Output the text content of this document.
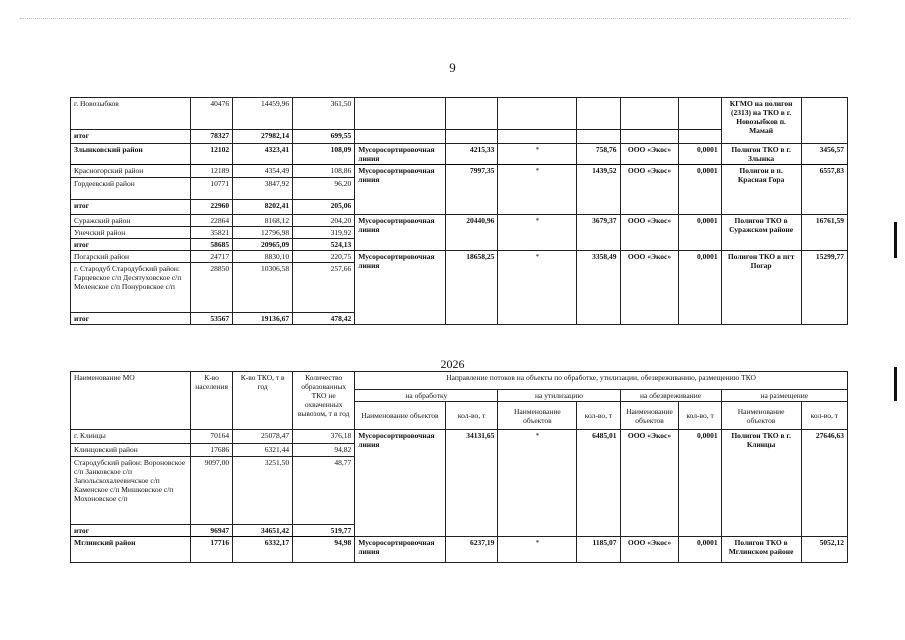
9
г. Новозыбков	40476	14459,96	361,50							КГМО на полигон (2313) на ТКО в г. Новозыбков п. Мамай	
итог	78327	27982,14	699,55								
Злынковский район	12102	4323,41	108,09	Мусоросортировочная линия	4215,33	*	758,76	ООО «Экос»	0,0001	Полигон ТКО в г. Злынка	3456,57
Красногорский район	12189	4354,49	108,86	Мусоросортировочная линия	7997,35	*	1439,52	ООО «Экос»	0,0001	Полигон в п. Красная Гора	6557,83
Гордеевский район	10771	3847,92	96,20								
итог	22960	8202,41	205,06								
Суражский район	22864	8168,12	204,20	Мусоросортировочная линия	20440,96	*	3679,37	ООО «Экос»	0,0001	Полигон ТКО в Суражском районе	16761,59
Унечский район	35821	12796,98	319,92								
итог	58685	20965,09	524,13								
Погарский район	24717	8830,10	220,75	Мусоросортировочная линия	18658,25	*	3358,49	ООО «Экос»	0,0001	Полигон ТКО в пгт Погар	15299,77
г. Стародуб Стародубский район: Гарцевское с/п Десятуховское с/п Меленское с/п Понуровское с/п	28850	10306,58	257,66								
итог	53567	19136,67	478,42								
2026
Наименование МО	К-во населения	К-во ТКО, т в год	Количество образованных ТКО не охваченных вывозом, т в год	Направление потоков на объекты по обработке, утилизации, обезвреживанию, размещению ТКО							
				на обработку		на утилизацию		на обезвреживание		на размещение	
				Наименование объектов	кол-во, т	Наименование объектов	кол-во, т	Наименование объектов	кол-во, т	Наименование объектов	кол-во, т
г. Клинцы	70164	25078,47	376,18	Мусоросортировочная линия	34131,65	*	6485,01	ООО «Экос»	0,0001	Полигон ТКО в г. Клинцы	27646,63
Клинцовский район	17686	6321,44	94,82								
Стародубский район: Вороновское с/п Занковское с/п Запольскохалеевичское с/п Каменское с/п Мишковское с/п Мохоновское с/п	9097,00	3251,50	48,77								
итог	96947	34651,42	519,77								
Мглинский район	17716	6332,17	94,98	Мусоросортировочная линия	6237,19	*	1185,07	ООО «Экос»	0,0001	Полигон ТКО в Мглинском районе	5052,12
